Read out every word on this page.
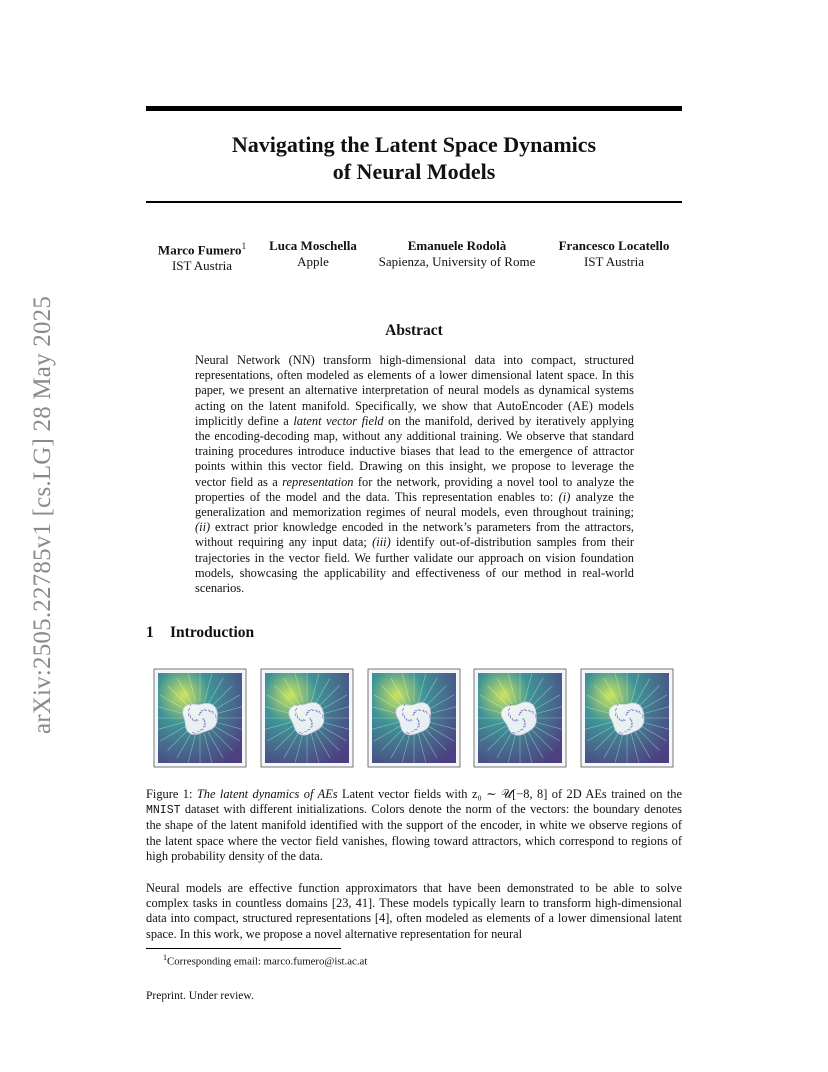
arXiv:2505.22785v1 [cs.LG] 28 May 2025
Navigating the Latent Space Dynamics
of Neural Models
Marco Fumero$^1$
IST Austria
Luca Moschella
Apple
Emanuele Rodolà
Sapienza, University of Rome
Francesco Locatello
IST Austria
Abstract
Neural Network (NN) transform high-dimensional data into compact, structured representations, often modeled as elements of a lower dimensional latent space. In this paper, we present an alternative interpretation of neural models as dynamical systems acting on the latent manifold. Specifically, we show that AutoEncoder (AE) models implicitly define a latent vector field on the manifold, derived by iteratively applying the encoding-decoding map, without any additional training. We observe that standard training procedures introduce inductive biases that lead to the emergence of attractor points within this vector field. Drawing on this insight, we propose to leverage the vector field as a representation for the network, providing a novel tool to analyze the properties of the model and the data. This representation enables to: (i) analyze the generalization and memorization regimes of neural models, even throughout training; (ii) extract prior knowledge encoded in the network’s parameters from the attractors, without requiring any input data; (iii) identify out-of-distribution samples from their trajectories in the vector field. We further validate our approach on vision foundation models, showcasing the applicability and effectiveness of our method in real-world scenarios.
1 Introduction
Figure 1: The latent dynamics of AEs Latent vector fields with z₀ ∼ 𝒰[−8, 8] of 2D AEs trained on the MNIST dataset with different initializations. Colors denote the norm of the vectors: the boundary denotes the shape of the latent manifold identified with the support of the encoder, in white we observe regions of the latent space where the vector field vanishes, flowing toward attractors, which correspond to regions of high probability density of the data.
Neural models are effective function approximators that have been demonstrated to be able to solve complex tasks in countless domains [23, 41]. These models typically learn to transform high-dimensional data into compact, structured representations [4], often modeled as elements of a lower dimensional latent space. In this work, we propose a novel alternative representation for neural
$^1$Corresponding email: marco.fumero@ist.ac.at
Preprint. Under review.
